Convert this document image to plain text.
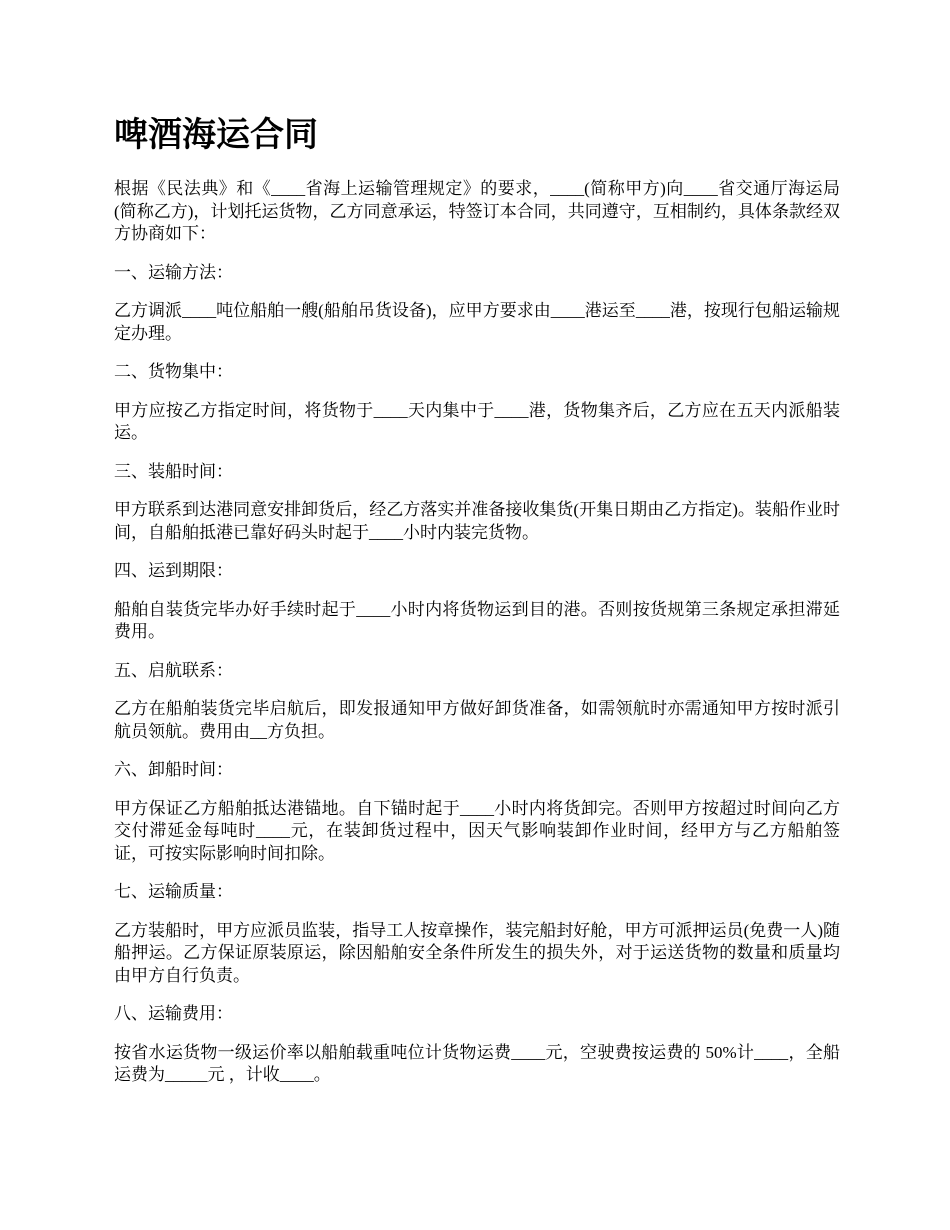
啤酒海运合同

根据《民法典》和《____省海上运输管理规定》的要求，____(简称甲方)向____省交通厅海运局(简称乙方)，计划托运货物，乙方同意承运，特签订本合同，共同遵守，互相制约，具体条款经双方协商如下：

一、运输方法：

乙方调派____吨位船舶一艘(船舶吊货设备)，应甲方要求由____港运至____港，按现行包船运输规定办理。

二、货物集中：

甲方应按乙方指定时间，将货物于____天内集中于____港，货物集齐后，乙方应在五天内派船装运。

三、装船时间：

甲方联系到达港同意安排卸货后，经乙方落实并准备接收集货(开集日期由乙方指定)。装船作业时间，自船舶抵港已靠好码头时起于____小时内装完货物。

四、运到期限：

船舶自装货完毕办好手续时起于____小时内将货物运到目的港。否则按货规第三条规定承担滞延费用。

五、启航联系：

乙方在船舶装货完毕启航后，即发报通知甲方做好卸货准备，如需领航时亦需通知甲方按时派引航员领航。费用由__方负担。

六、卸船时间：

甲方保证乙方船舶抵达港锚地。自下锚时起于____小时内将货卸完。否则甲方按超过时间向乙方交付滞延金每吨时____元，在装卸货过程中，因天气影响装卸作业时间，经甲方与乙方船舶签证，可按实际影响时间扣除。

七、运输质量：

乙方装船时，甲方应派员监装，指导工人按章操作，装完船封好舱，甲方可派押运员(免费一人)随船押运。乙方保证原装原运，除因船舶安全条件所发生的损失外，对于运送货物的数量和质量均由甲方自行负责。

八、运输费用：

按省水运货物一级运价率以船舶载重吨位计货物运费____元，空驶费按运费的 50%计____，全船运费为_____元 ，计收____。
